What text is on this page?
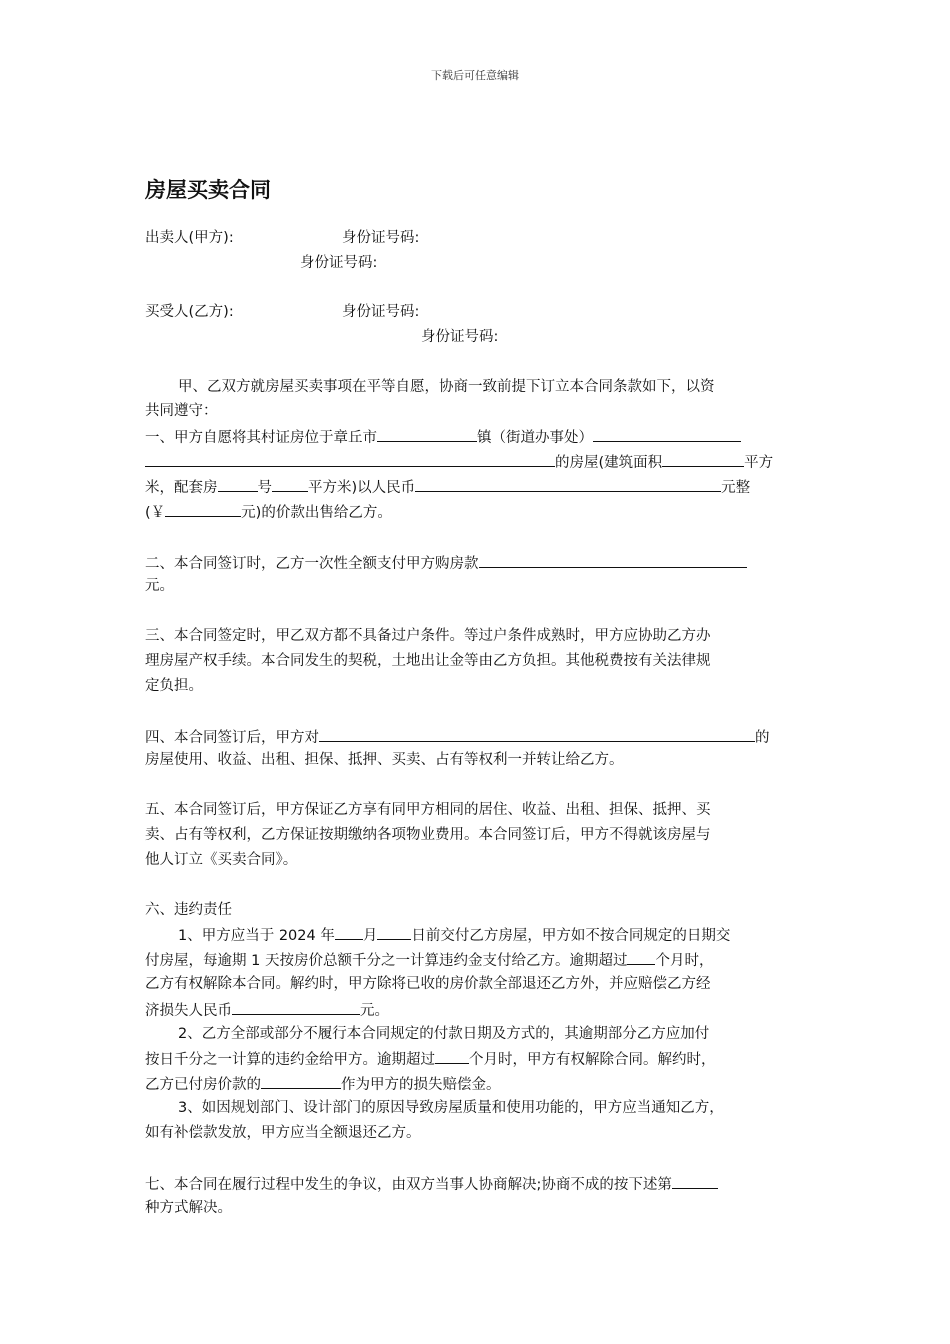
下载后可任意编辑
房屋买卖合同
出卖人(甲方):	身份证号码:
身份证号码:
买受人(乙方):	身份证号码:
身份证号码:
甲、乙双方就房屋买卖事项在平等自愿，协商一致前提下订立本合同条款如下，以资
共同遵守：
一、甲方自愿将其村证房位于章丘市	镇（街道办事处）
的房屋(建筑面积	平方
米，配套房	号 平方米)以人民币	元整
(￥	元)的价款出售给乙方。
二、本合同签订时，乙方一次性全额支付甲方购房款
元。
三、本合同签定时，甲乙双方都不具备过户条件。等过户条件成熟时，甲方应协助乙方办
理房屋产权手续。本合同发生的契税，土地出让金等由乙方负担。其他税费按有关法律规
定负担。
四、本合同签订后，甲方对	的
房屋使用、收益、出租、担保、抵押、买卖、占有等权利一并转让给乙方。
五、本合同签订后，甲方保证乙方享有同甲方相同的居住、收益、出租、担保、抵押、买
卖、占有等权利，乙方保证按期缴纳各项物业费用。本合同签订后，甲方不得就该房屋与
他人订立《买卖合同》。
六、违约责任
1、甲方应当于 2024 年 月 日前交付乙方房屋，甲方如不按合同规定的日期交
付房屋，每逾期 1 天按房价总额千分之一计算违约金支付给乙方。逾期超过 个月时，
乙方有权解除本合同。解约时，甲方除将已收的房价款全部退还乙方外，并应赔偿乙方经
济损失人民币	元。
2、乙方全部或部分不履行本合同规定的付款日期及方式的，其逾期部分乙方应加付
按日千分之一计算的违约金给甲方。逾期超过 个月时，甲方有权解除合同。解约时，
乙方已付房价款的	作为甲方的损失赔偿金。
3、如因规划部门、设计部门的原因导致房屋质量和使用功能的，甲方应当通知乙方，
如有补偿款发放，甲方应当全额退还乙方。
七、本合同在履行过程中发生的争议，由双方当事人协商解决;协商不成的按下述第
种方式解决。
